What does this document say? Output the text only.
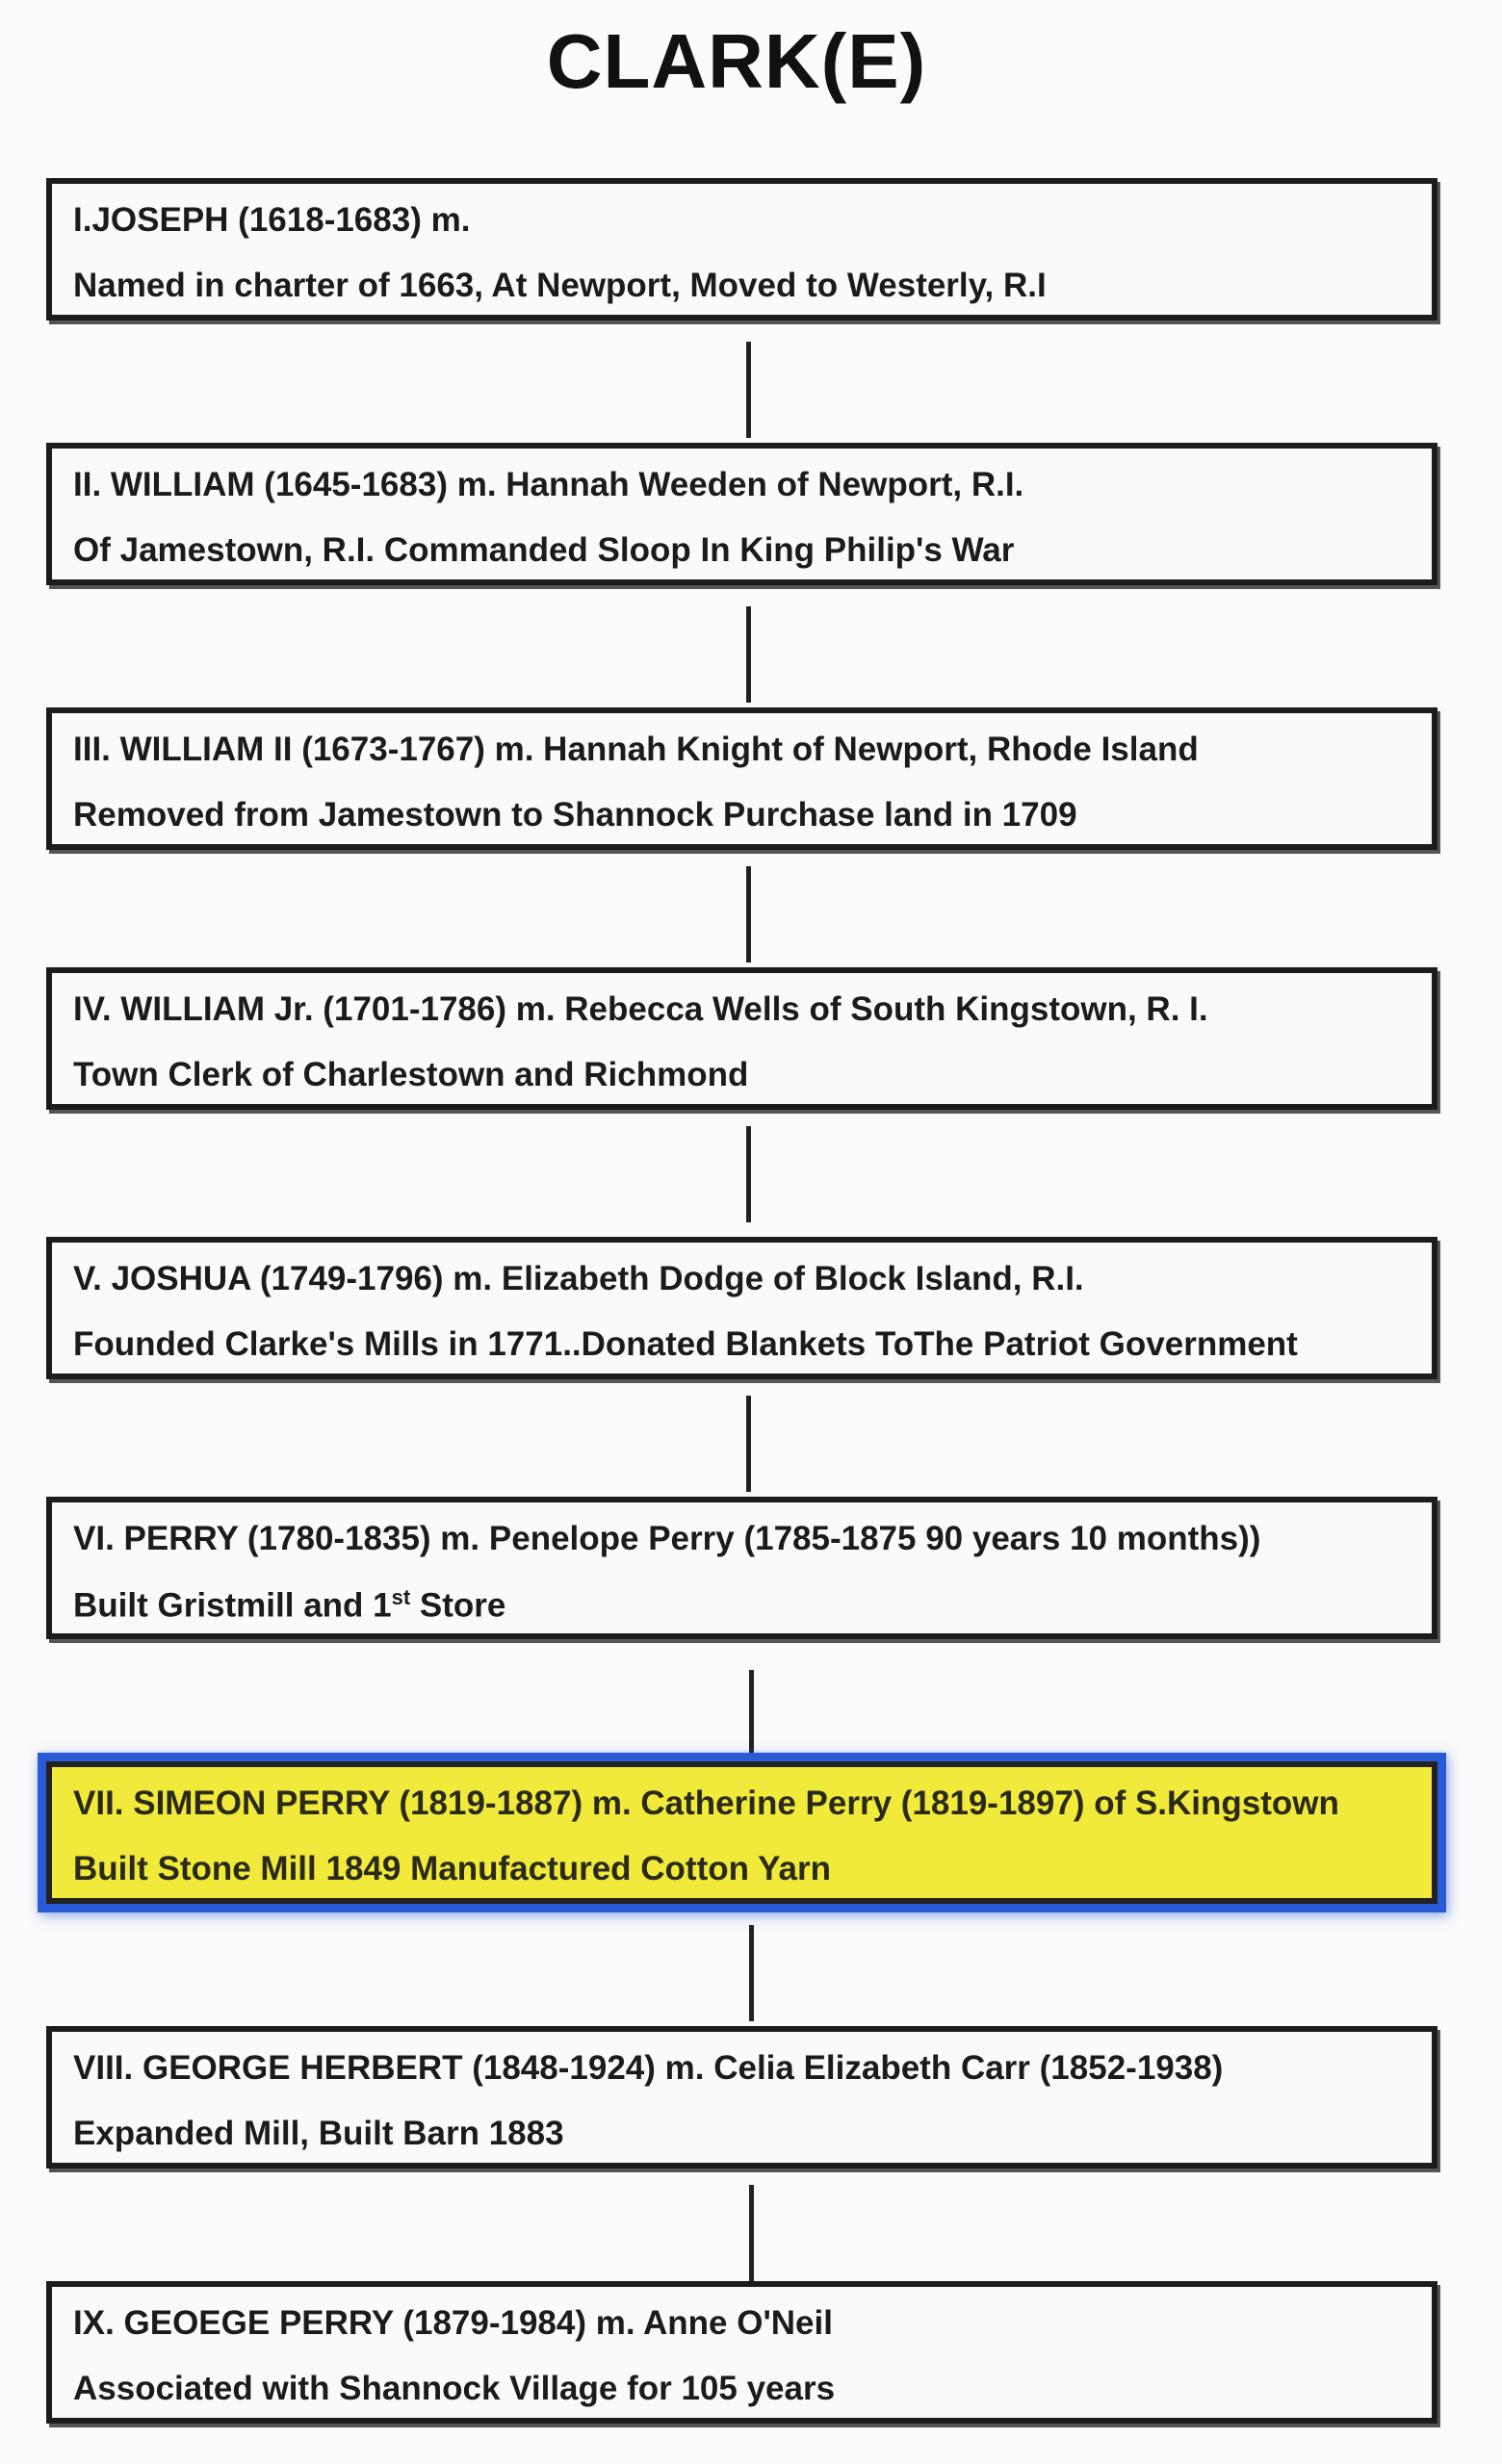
CLARK(E)
I.JOSEPH (1618-1683) m.
Named in charter of 1663, At Newport, Moved to Westerly, R.I
II. WILLIAM (1645-1683) m. Hannah Weeden of Newport, R.I.
Of Jamestown, R.I. Commanded Sloop In King Philip's War
III. WILLIAM II (1673-1767) m. Hannah Knight of Newport, Rhode Island
Removed from Jamestown to Shannock Purchase land in 1709
IV. WILLIAM Jr. (1701-1786) m. Rebecca Wells of South Kingstown, R. I.
Town Clerk of Charlestown and Richmond
V. JOSHUA (1749-1796) m. Elizabeth Dodge of Block Island, R.I.
Founded Clarke's Mills in 1771..Donated Blankets ToThe Patriot Government
VI. PERRY (1780-1835) m. Penelope Perry (1785-1875 90 years 10 months))
Built Gristmill and 1st Store
VII. SIMEON PERRY (1819-1887) m. Catherine Perry (1819-1897) of S.Kingstown
Built Stone Mill 1849 Manufactured Cotton Yarn
VIII. GEORGE HERBERT (1848-1924) m. Celia Elizabeth Carr (1852-1938)
Expanded Mill, Built Barn 1883
IX. GEOEGE PERRY (1879-1984) m. Anne O'Neil
Associated with Shannock Village for 105 years
